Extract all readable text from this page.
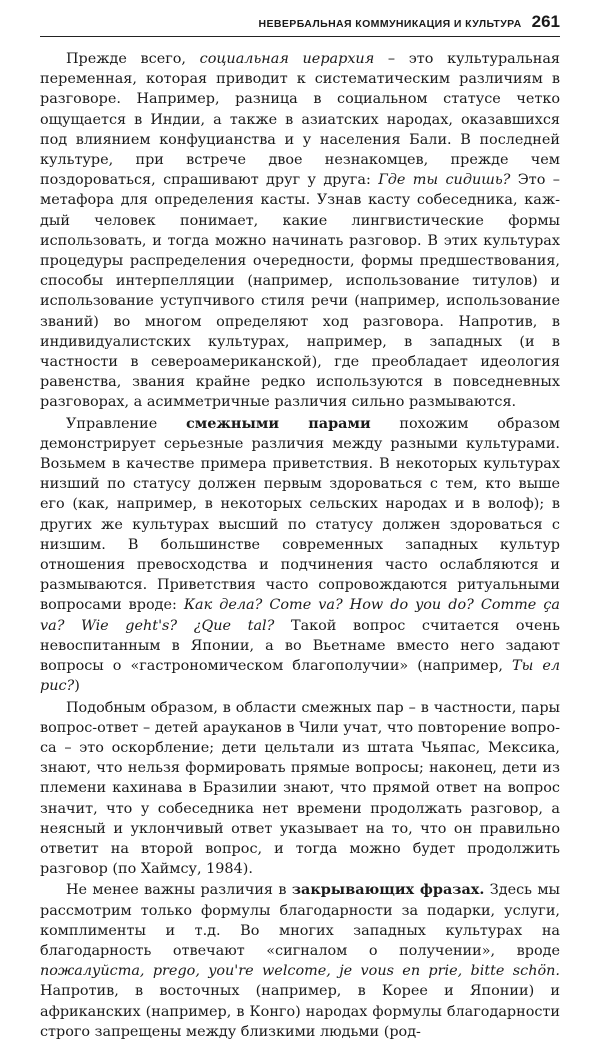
НЕВЕРБАЛЬНАЯ КОММУНИКАЦИЯ И КУЛЬТУРА 261

Прежде всего, социальная иерархия – это культуральная переменная, которая приводит к систематическим различиям в разговоре. Например, разница в социальном статусе четко ощущается в Индии, а также в азиатских народах, оказавшихся под влиянием конфуцианства и у населения Бали. В последней культуре, при встрече двое незнакомцев, прежде чем поздороваться, спрашивают друг у друга: Где ты сидишь? Это – метафора для определения касты. Узнав касту собеседника, каждый человек понимает, какие лингвистические формы использовать, и тогда можно начинать разговор. В этих культурах процедуры распределения очередности, формы предшествования, способы интерпелляции (например, использование титулов) и использование уступчивого стиля речи (например, использование званий) во многом определяют ход разговора. Напротив, в индивидуалистских культурах, например, в западных (и в частности в североамериканской), где преобладает идеология равенства, звания крайне редко используются в повседневных разговорах, а асимметричные различия сильно размываются.

Управление смежными парами похожим образом демонстрирует серьезные различия между разными культурами. Возьмем в качестве примера приветствия. В некоторых культурах низший по статусу должен первым здороваться с тем, кто выше его (как, например, в некоторых сельских народах и в волоф); в других же культурах высший по статусу должен здороваться с низшим. В большинстве современных западных культур отношения превосходства и подчинения часто ослабляются и размываются. Приветствия часто сопровождаются ритуальными вопросами вроде: Как дела? Come va? How do you do? Comme ça va? Wie geht's? ¿Que tal? Такой вопрос считается очень невоспитанным в Японии, а во Вьетнаме вместо него задают вопросы о «гастрономическом благополучии» (например, Ты ел рис?)

Подобным образом, в области смежных пар – в частности, пары вопрос-ответ – детей арауканов в Чили учат, что повторение вопроса – это оскорбление; дети цельтали из штата Чьяпас, Мексика, знают, что нельзя формировать прямые вопросы; наконец, дети из племени кахинава в Бразилии знают, что прямой ответ на вопрос значит, что у собеседника нет времени продолжать разговор, а неясный и уклончивый ответ указывает на то, что он правильно ответит на второй вопрос, и тогда можно будет продолжить разговор (по Хаймсу, 1984).

Не менее важны различия в закрывающих фразах. Здесь мы рассмотрим только формулы благодарности за подарки, услуги, комплименты и т.д. Во многих западных культурах на благодарность отвечают «сигналом о получении», вроде пожалуйста, prego, you're welcome, je vous en prie, bitte schön. Напротив, в восточных (например, в Корее и Японии) и африканских (например, в Конго) народах формулы благодарности строго запрещены между близкими людьми (род-
